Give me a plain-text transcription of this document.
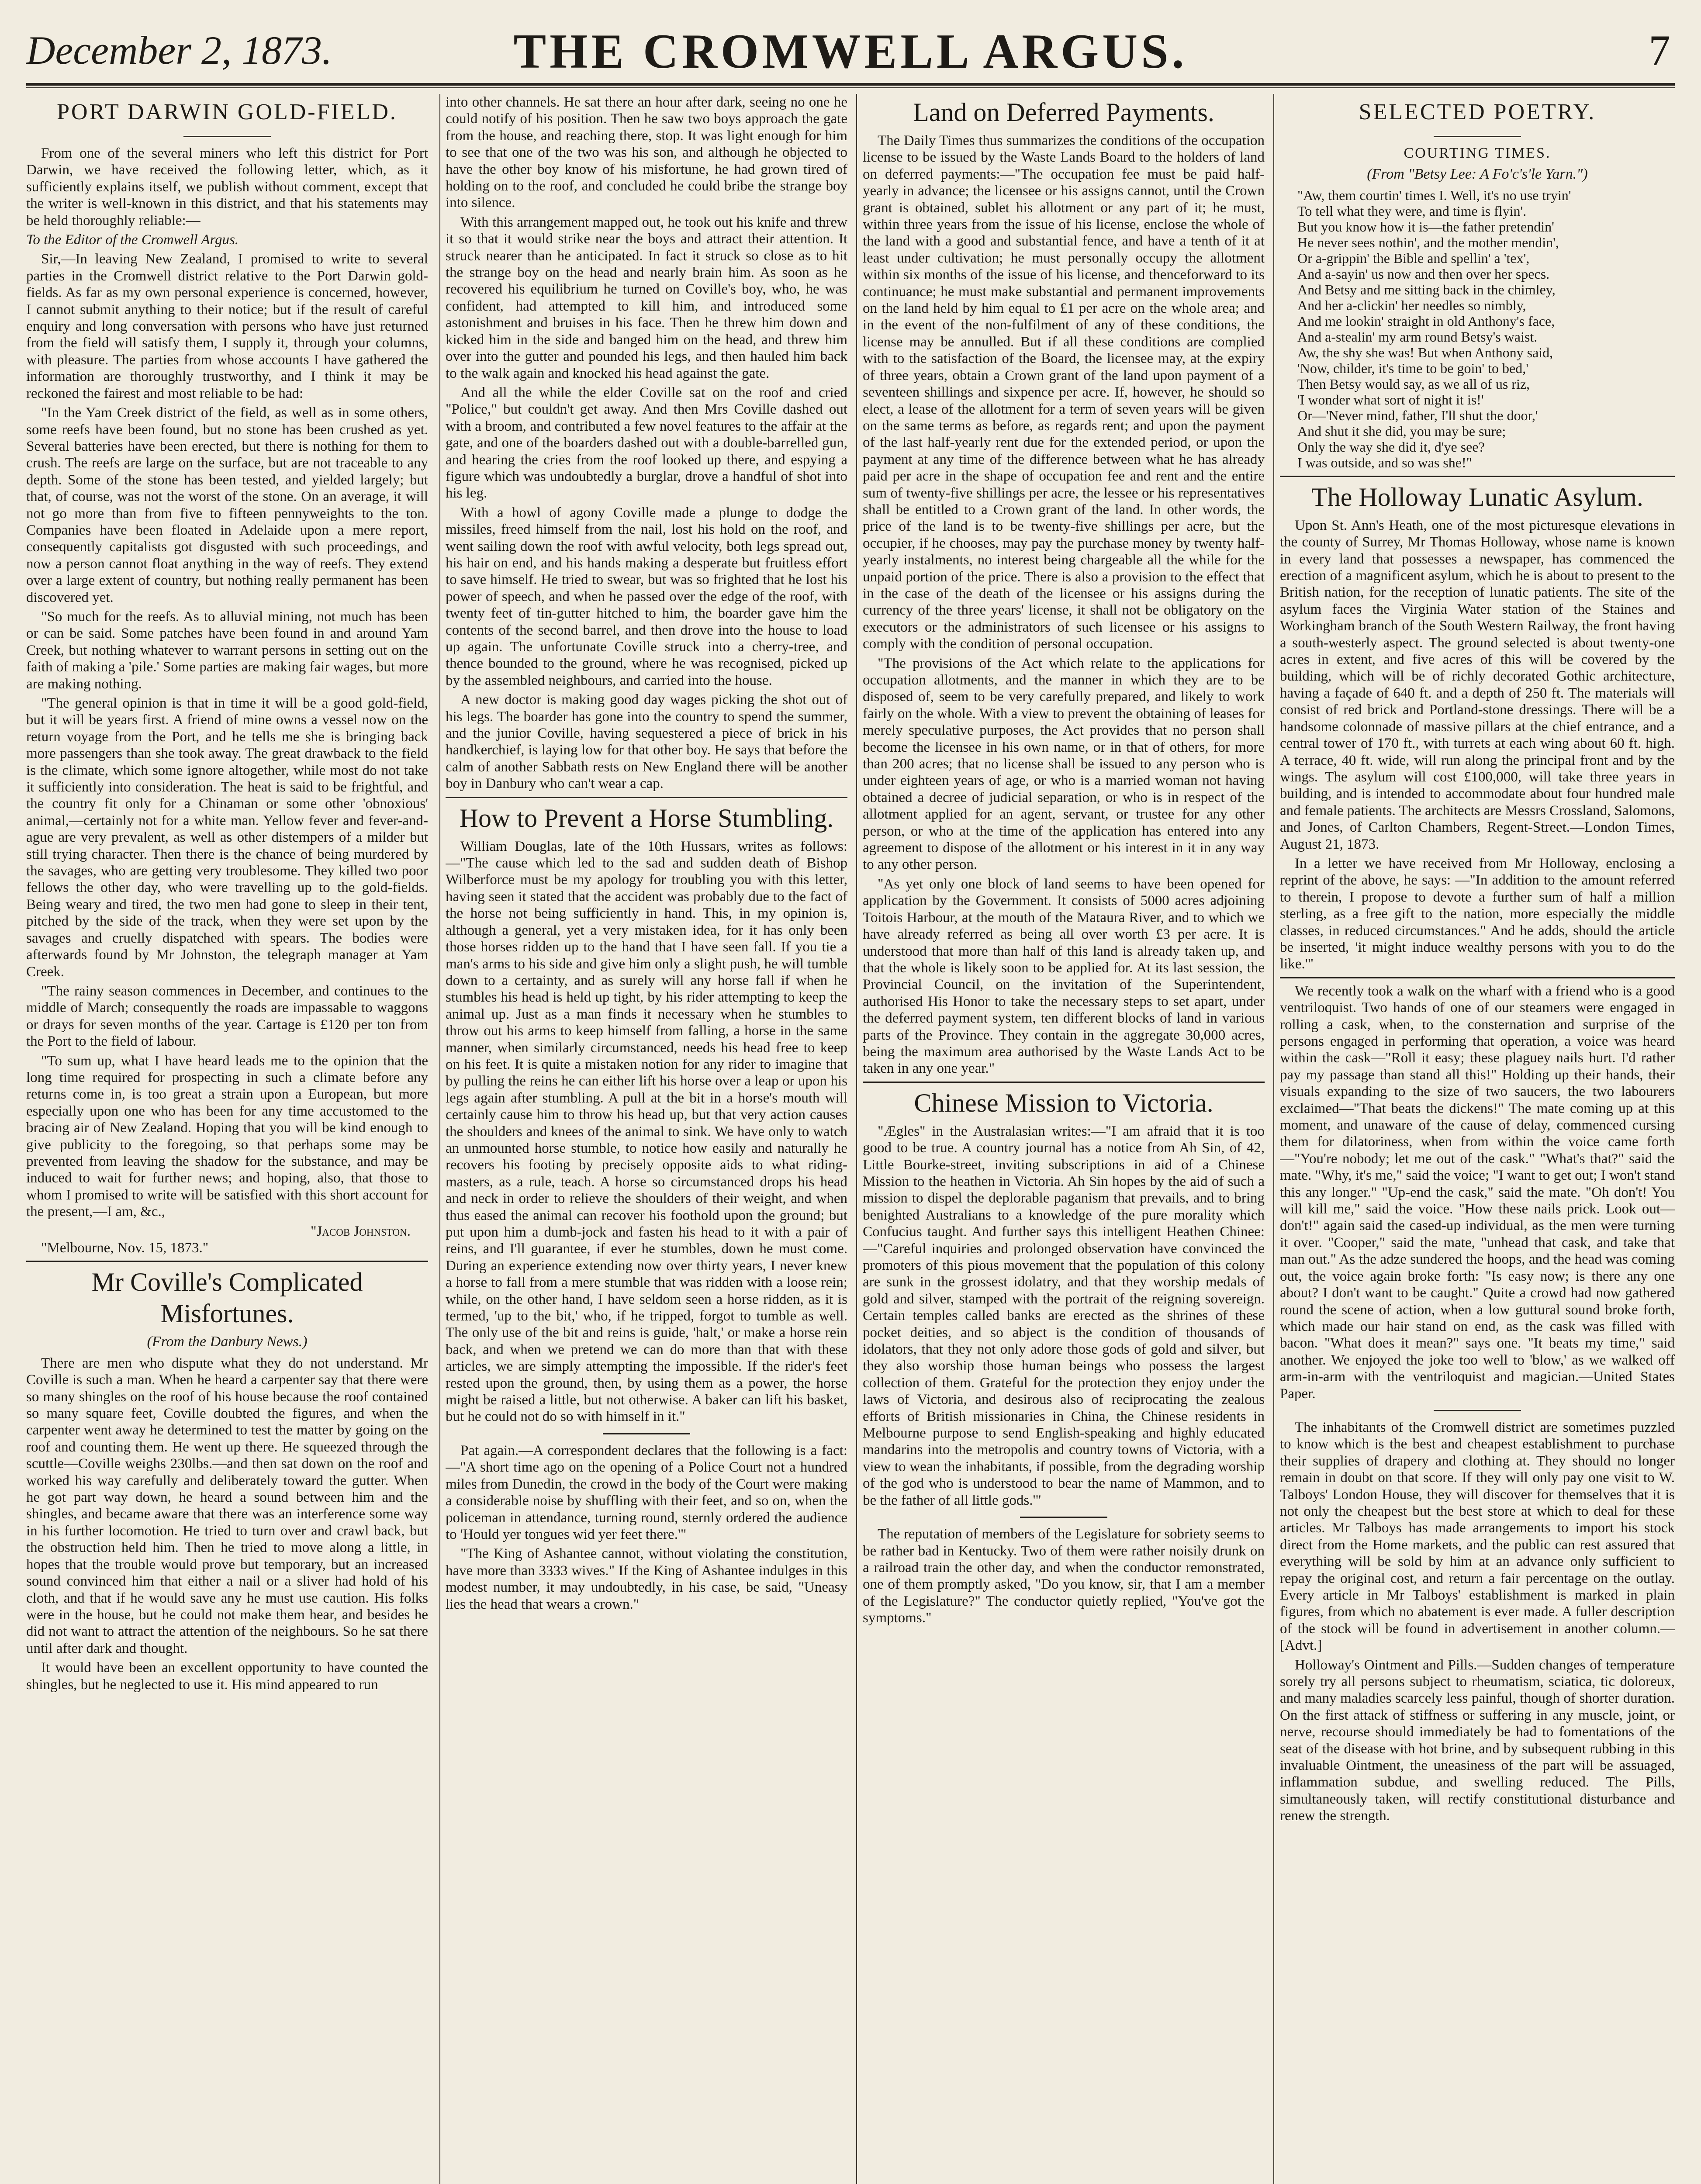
December 2, 1873.	THE CROMWELL ARGUS.	7
PORT DARWIN GOLD-FIELD.

From one of the several miners who left this district for Port Darwin, we have received the following letter, which, as it sufficiently explains itself, we publish without comment, except that the writer is well-known in this district, and that his statements may be held thoroughly reliable:—

To the Editor of the Cromwell Argus.

Sir,—In leaving New Zealand, I promised to write to several parties in the Cromwell district relative to the Port Darwin gold-fields. As far as my own personal experience is concerned, however, I cannot submit anything to their notice; but if the result of careful enquiry and long conversation with persons who have just returned from the field will satisfy them, I supply it, through your columns, with pleasure. The parties from whose accounts I have gathered the information are thoroughly trustworthy, and I think it may be reckoned the fairest and most reliable to be had:

"In the Yam Creek district of the field, as well as in some others, some reefs have been found, but no stone has been crushed as yet. Several batteries have been erected, but there is nothing for them to crush. The reefs are large on the surface, but are not traceable to any depth. Some of the stone has been tested, and yielded largely; but that, of course, was not the worst of the stone. On an average, it will not go more than from five to fifteen pennyweights to the ton. Companies have been floated in Adelaide upon a mere report, consequently capitalists got disgusted with such proceedings, and now a person cannot float anything in the way of reefs. They extend over a large extent of country, but nothing really permanent has been discovered yet.

"So much for the reefs. As to alluvial mining, not much has been or can be said. Some patches have been found in and around Yam Creek, but nothing whatever to warrant persons in setting out on the faith of making a 'pile.' Some parties are making fair wages, but more are making nothing.

"The general opinion is that in time it will be a good gold-field, but it will be years first. A friend of mine owns a vessel now on the return voyage from the Port, and he tells me she is bringing back more passengers than she took away. The great drawback to the field is the climate, which some ignore altogether, while most do not take it sufficiently into consideration. The heat is said to be frightful, and the country fit only for a Chinaman or some other 'obnoxious' animal,—certainly not for a white man. Yellow fever and fever-and-ague are very prevalent, as well as other distempers of a milder but still trying character. Then there is the chance of being murdered by the savages, who are getting very troublesome. They killed two poor fellows the other day, who were travelling up to the gold-fields. Being weary and tired, the two men had gone to sleep in their tent, pitched by the side of the track, when they were set upon by the savages and cruelly dispatched with spears. The bodies were afterwards found by Mr Johnston, the telegraph manager at Yam Creek.

"The rainy season commences in December, and continues to the middle of March; consequently the roads are impassable to waggons or drays for seven months of the year. Cartage is £120 per ton from the Port to the field of labour.

"To sum up, what I have heard leads me to the opinion that the long time required for prospecting in such a climate before any returns come in, is too great a strain upon a European, but more especially upon one who has been for any time accustomed to the bracing air of New Zealand. Hoping that you will be kind enough to give publicity to the foregoing, so that perhaps some may be prevented from leaving the shadow for the substance, and may be induced to wait for further news; and hoping, also, that those to whom I promised to write will be satisfied with this short account for the present,—I am, &c.,

"Jacob Johnston.

"Melbourne, Nov. 15, 1873."

Mr Coville's Complicated Misfortunes.
(From the Danbury News.)

There are men who dispute what they do not understand. Mr Coville is such a man. When he heard a carpenter say that there were so many shingles on the roof of his house because the roof contained so many square feet, Coville doubted the figures, and when the carpenter went away he determined to test the matter by going on the roof and counting them. He went up there. He squeezed through the scuttle—Coville weighs 230lbs.—and then sat down on the roof and worked his way carefully and deliberately toward the gutter. When he got part way down, he heard a sound between him and the shingles, and became aware that there was an interference some way in his further locomotion. He tried to turn over and crawl back, but the obstruction held him. Then he tried to move along a little, in hopes that the trouble would prove but temporary, but an increased sound convinced him that either a nail or a sliver had hold of his cloth, and that if he would save any he must use caution. His folks were in the house, but he could not make them hear, and besides he did not want to attract the attention of the neighbours. So he sat there until after dark and thought.

It would have been an excellent opportunity to have counted the shingles, but he neglected to use it. His mind appeared to run

into other channels. He sat there an hour after dark, seeing no one he could notify of his position. Then he saw two boys approach the gate from the house, and reaching there, stop. It was light enough for him to see that one of the two was his son, and although he objected to have the other boy know of his misfortune, he had grown tired of holding on to the roof, and concluded he could bribe the strange boy into silence.

With this arrangement mapped out, he took out his knife and threw it so that it would strike near the boys and attract their attention. It struck nearer than he anticipated. In fact it struck so close as to hit the strange boy on the head and nearly brain him. As soon as he recovered his equilibrium he turned on Coville's boy, who, he was confident, had attempted to kill him, and introduced some astonishment and bruises in his face. Then he threw him down and kicked him in the side and banged him on the head, and threw him over into the gutter and pounded his legs, and then hauled him back to the walk again and knocked his head against the gate.

And all the while the elder Coville sat on the roof and cried "Police," but couldn't get away. And then Mrs Coville dashed out with a broom, and contributed a few novel features to the affair at the gate, and one of the boarders dashed out with a double-barrelled gun, and hearing the cries from the roof looked up there, and espying a figure which was undoubtedly a burglar, drove a handful of shot into his leg.

With a howl of agony Coville made a plunge to dodge the missiles, freed himself from the nail, lost his hold on the roof, and went sailing down the roof with awful velocity, both legs spread out, his hair on end, and his hands making a desperate but fruitless effort to save himself. He tried to swear, but was so frighted that he lost his power of speech, and when he passed over the edge of the roof, with twenty feet of tin-gutter hitched to him, the boarder gave him the contents of the second barrel, and then drove into the house to load up again. The unfortunate Coville struck into a cherry-tree, and thence bounded to the ground, where he was recognised, picked up by the assembled neighbours, and carried into the house.

A new doctor is making good day wages picking the shot out of his legs. The boarder has gone into the country to spend the summer, and the junior Coville, having sequestered a piece of brick in his handkerchief, is laying low for that other boy. He says that before the calm of another Sabbath rests on New England there will be another boy in Danbury who can't wear a cap.

How to Prevent a Horse Stumbling.

William Douglas, late of the 10th Hussars, writes as follows:—"The cause which led to the sad and sudden death of Bishop Wilberforce must be my apology for troubling you with this letter, having seen it stated that the accident was probably due to the fact of the horse not being sufficiently in hand. This, in my opinion is, although a general, yet a very mistaken idea, for it has only been those horses ridden up to the hand that I have seen fall. If you tie a man's arms to his side and give him only a slight push, he will tumble down to a certainty, and as surely will any horse fall if when he stumbles his head is held up tight, by his rider attempting to keep the animal up. Just as a man finds it necessary when he stumbles to throw out his arms to keep himself from falling, a horse in the same manner, when similarly circumstanced, needs his head free to keep on his feet. It is quite a mistaken notion for any rider to imagine that by pulling the reins he can either lift his horse over a leap or upon his legs again after stumbling. A pull at the bit in a horse's mouth will certainly cause him to throw his head up, but that very action causes the shoulders and knees of the animal to sink. We have only to watch an unmounted horse stumble, to notice how easily and naturally he recovers his footing by precisely opposite aids to what riding-masters, as a rule, teach. A horse so circumstanced drops his head and neck in order to relieve the shoulders of their weight, and when thus eased the animal can recover his foothold upon the ground; but put upon him a dumb-jock and fasten his head to it with a pair of reins, and I'll guarantee, if ever he stumbles, down he must come. During an experience extending now over thirty years, I never knew a horse to fall from a mere stumble that was ridden with a loose rein; while, on the other hand, I have seldom seen a horse ridden, as it is termed, 'up to the bit,' who, if he tripped, forgot to tumble as well. The only use of the bit and reins is guide, 'halt,' or make a horse rein back, and when we pretend we can do more than that with these articles, we are simply attempting the impossible. If the rider's feet rested upon the ground, then, by using them as a power, the horse might be raised a little, but not otherwise. A baker can lift his basket, but he could not do so with himself in it."

Pat again.—A correspondent declares that the following is a fact:—"A short time ago on the opening of a Police Court not a hundred miles from Dunedin, the crowd in the body of the Court were making a considerable noise by shuffling with their feet, and so on, when the policeman in attendance, turning round, sternly ordered the audience to 'Hould yer tongues wid yer feet there.'"

"The King of Ashantee cannot, without violating the constitution, have more than 3333 wives." If the King of Ashantee indulges in this modest number, it may undoubtedly, in his case, be said, "Uneasy lies the head that wears a crown."

Land on Deferred Payments.

The Daily Times thus summarizes the conditions of the occupation license to be issued by the Waste Lands Board to the holders of land on deferred payments:—"The occupation fee must be paid half-yearly in advance; the licensee or his assigns cannot, until the Crown grant is obtained, sublet his allotment or any part of it; he must, within three years from the issue of his license, enclose the whole of the land with a good and substantial fence, and have a tenth of it at least under cultivation; he must personally occupy the allotment within six months of the issue of his license, and thenceforward to its continuance; he must make substantial and permanent improvements on the land held by him equal to £1 per acre on the whole area; and in the event of the non-fulfilment of any of these conditions, the license may be annulled. But if all these conditions are complied with to the satisfaction of the Board, the licensee may, at the expiry of three years, obtain a Crown grant of the land upon payment of a seventeen shillings and sixpence per acre. If, however, he should so elect, a lease of the allotment for a term of seven years will be given on the same terms as before, as regards rent; and upon the payment of the last half-yearly rent due for the extended period, or upon the payment at any time of the difference between what he has already paid per acre in the shape of occupation fee and rent and the entire sum of twenty-five shillings per acre, the lessee or his representatives shall be entitled to a Crown grant of the land. In other words, the price of the land is to be twenty-five shillings per acre, but the occupier, if he chooses, may pay the purchase money by twenty half-yearly instalments, no interest being chargeable all the while for the unpaid portion of the price. There is also a provision to the effect that in the case of the death of the licensee or his assigns during the currency of the three years' license, it shall not be obligatory on the executors or the administrators of such licensee or his assigns to comply with the condition of personal occupation.

"The provisions of the Act which relate to the applications for occupation allotments, and the manner in which they are to be disposed of, seem to be very carefully prepared, and likely to work fairly on the whole. With a view to prevent the obtaining of leases for merely speculative purposes, the Act provides that no person shall become the licensee in his own name, or in that of others, for more than 200 acres; that no license shall be issued to any person who is under eighteen years of age, or who is a married woman not having obtained a decree of judicial separation, or who is in respect of the allotment applied for an agent, servant, or trustee for any other person, or who at the time of the application has entered into any agreement to dispose of the allotment or his interest in it in any way to any other person.

"As yet only one block of land seems to have been opened for application by the Government. It consists of 5000 acres adjoining Toitois Harbour, at the mouth of the Mataura River, and to which we have already referred as being all over worth £3 per acre. It is understood that more than half of this land is already taken up, and that the whole is likely soon to be applied for. At its last session, the Provincial Council, on the invitation of the Superintendent, authorised His Honor to take the necessary steps to set apart, under the deferred payment system, ten different blocks of land in various parts of the Province. They contain in the aggregate 30,000 acres, being the maximum area authorised by the Waste Lands Act to be taken in any one year."

Chinese Mission to Victoria.

"Ægles" in the Australasian writes:—"I am afraid that it is too good to be true. A country journal has a notice from Ah Sin, of 42, Little Bourke-street, inviting subscriptions in aid of a Chinese Mission to the heathen in Victoria. Ah Sin hopes by the aid of such a mission to dispel the deplorable paganism that prevails, and to bring benighted Australians to a knowledge of the pure morality which Confucius taught. And further says this intelligent Heathen Chinee: —"Careful inquiries and prolonged observation have convinced the promoters of this pious movement that the population of this colony are sunk in the grossest idolatry, and that they worship medals of gold and silver, stamped with the portrait of the reigning sovereign. Certain temples called banks are erected as the shrines of these pocket deities, and so abject is the condition of thousands of idolators, that they not only adore those gods of gold and silver, but they also worship those human beings who possess the largest collection of them. Grateful for the protection they enjoy under the laws of Victoria, and desirous also of reciprocating the zealous efforts of British missionaries in China, the Chinese residents in Melbourne purpose to send English-speaking and highly educated mandarins into the metropolis and country towns of Victoria, with a view to wean the inhabitants, if possible, from the degrading worship of the god who is understood to bear the name of Mammon, and to be the father of all little gods.'"

The reputation of members of the Legislature for sobriety seems to be rather bad in Kentucky. Two of them were rather noisily drunk on a railroad train the other day, and when the conductor remonstrated, one of them promptly asked, "Do you know, sir, that I am a member of the Legislature?" The conductor quietly replied, "You've got the symptoms."

SELECTED POETRY.
COURTING TIMES.
(From "Betsy Lee: A Fo'c's'le Yarn.")
"Aw, them courtin' times I. Well, it's no use tryin'
To tell what they were, and time is flyin'.
But you know how it is—the father pretendin'
He never sees nothin', and the mother mendin',
Or a-grippin' the Bible and spellin' a 'tex',
And a-sayin' us now and then over her specs.
And Betsy and me sitting back in the chimley,
And her a-clickin' her needles so nimbly,
And me lookin' straight in old Anthony's face,
And a-stealin' my arm round Betsy's waist.
Aw, the shy she was! But when Anthony said,
'Now, childer, it's time to be goin' to bed,'
Then Betsy would say, as we all of us riz,
'I wonder what sort of night it is!'
Or—'Never mind, father, I'll shut the door,'
And shut it she did, you may be sure;
Only the way she did it, d'ye see?
I was outside, and so was she!"
The Holloway Lunatic Asylum.

Upon St. Ann's Heath, one of the most picturesque elevations in the county of Surrey, Mr Thomas Holloway, whose name is known in every land that possesses a newspaper, has commenced the erection of a magnificent asylum, which he is about to present to the British nation, for the reception of lunatic patients. The site of the asylum faces the Virginia Water station of the Staines and Workingham branch of the South Western Railway, the front having a south-westerly aspect. The ground selected is about twenty-one acres in extent, and five acres of this will be covered by the building, which will be of richly decorated Gothic architecture, having a façade of 640 ft. and a depth of 250 ft. The materials will consist of red brick and Portland-stone dressings. There will be a handsome colonnade of massive pillars at the chief entrance, and a central tower of 170 ft., with turrets at each wing about 60 ft. high. A terrace, 40 ft. wide, will run along the principal front and by the wings. The asylum will cost £100,000, will take three years in building, and is intended to accommodate about four hundred male and female patients. The architects are Messrs Crossland, Salomons, and Jones, of Carlton Chambers, Regent-Street.—London Times, August 21, 1873.

In a letter we have received from Mr Holloway, enclosing a reprint of the above, he says: —"In addition to the amount referred to therein, I propose to devote a further sum of half a million sterling, as a free gift to the nation, more especially the middle classes, in reduced circumstances." And he adds, should the article be inserted, 'it might induce wealthy persons with you to do the like.'"

We recently took a walk on the wharf with a friend who is a good ventriloquist. Two hands of one of our steamers were engaged in rolling a cask, when, to the consternation and surprise of the persons engaged in performing that operation, a voice was heard within the cask—"Roll it easy; these plaguey nails hurt. I'd rather pay my passage than stand all this!" Holding up their hands, their visuals expanding to the size of two saucers, the two labourers exclaimed—"That beats the dickens!" The mate coming up at this moment, and unaware of the cause of delay, commenced cursing them for dilatoriness, when from within the voice came forth —"You're nobody; let me out of the cask." "What's that?" said the mate. "Why, it's me," said the voice; "I want to get out; I won't stand this any longer." "Up-end the cask," said the mate. "Oh don't! You will kill me," said the voice. "How these nails prick. Look out—don't!" again said the cased-up individual, as the men were turning it over. "Cooper," said the mate, "unhead that cask, and take that man out." As the adze sundered the hoops, and the head was coming out, the voice again broke forth: "Is easy now; is there any one about? I don't want to be caught." Quite a crowd had now gathered round the scene of action, when a low guttural sound broke forth, which made our hair stand on end, as the cask was filled with bacon. "What does it mean?" says one. "It beats my time," said another. We enjoyed the joke too well to 'blow,' as we walked off arm-in-arm with the ventriloquist and magician.—United States Paper.

The inhabitants of the Cromwell district are sometimes puzzled to know which is the best and cheapest establishment to purchase their supplies of drapery and clothing at. They should no longer remain in doubt on that score. If they will only pay one visit to W. Talboys' London House, they will discover for themselves that it is not only the cheapest but the best store at which to deal for these articles. Mr Talboys has made arrangements to import his stock direct from the Home markets, and the public can rest assured that everything will be sold by him at an advance only sufficient to repay the original cost, and return a fair percentage on the outlay. Every article in Mr Talboys' establishment is marked in plain figures, from which no abatement is ever made. A fuller description of the stock will be found in advertisement in another column.—[Advt.]

Holloway's Ointment and Pills.—Sudden changes of temperature sorely try all persons subject to rheumatism, sciatica, tic doloreux, and many maladies scarcely less painful, though of shorter duration. On the first attack of stiffness or suffering in any muscle, joint, or nerve, recourse should immediately be had to fomentations of the seat of the disease with hot brine, and by subsequent rubbing in this invaluable Ointment, the uneasiness of the part will be assuaged, inflammation subdue, and swelling reduced. The Pills, simultaneously taken, will rectify constitutional disturbance and renew the strength.
